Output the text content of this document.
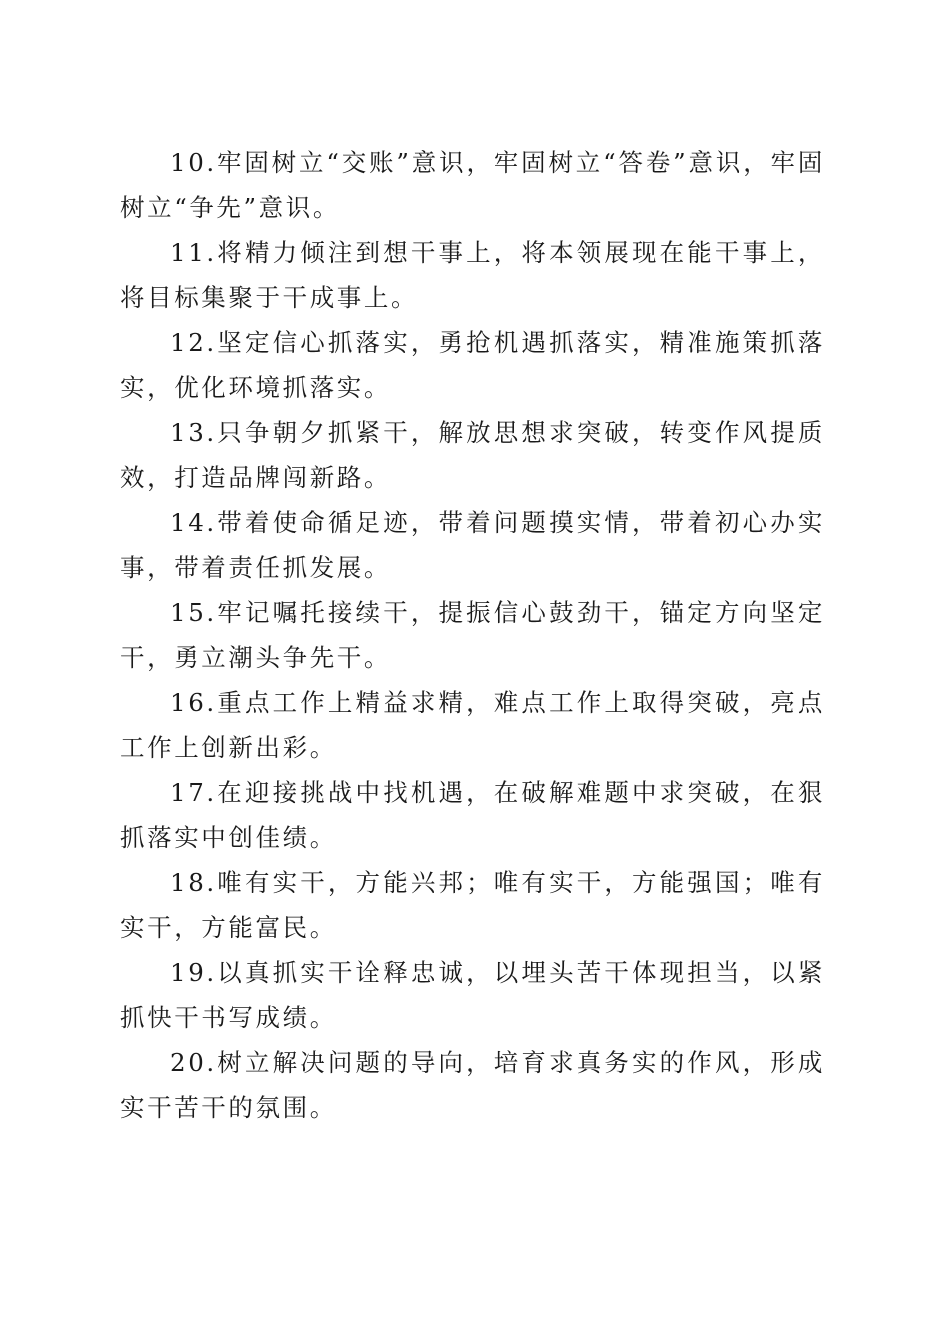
10.牢固树立“交账”意识，牢固树立“答卷”意识，牢固树立“争先”意识。

11.将精力倾注到想干事上，将本领展现在能干事上，将目标集聚于干成事上。

12.坚定信心抓落实，勇抢机遇抓落实，精准施策抓落实，优化环境抓落实。

13.只争朝夕抓紧干，解放思想求突破，转变作风提质效，打造品牌闯新路。

14.带着使命循足迹，带着问题摸实情，带着初心办实事，带着责任抓发展。

15.牢记嘱托接续干，提振信心鼓劲干，锚定方向坚定干，勇立潮头争先干。

16.重点工作上精益求精，难点工作上取得突破，亮点工作上创新出彩。

17.在迎接挑战中找机遇，在破解难题中求突破，在狠抓落实中创佳绩。

18.唯有实干，方能兴邦；唯有实干，方能强国；唯有实干，方能富民。

19.以真抓实干诠释忠诚，以埋头苦干体现担当，以紧抓快干书写成绩。

20.树立解决问题的导向，培育求真务实的作风，形成实干苦干的氛围。
